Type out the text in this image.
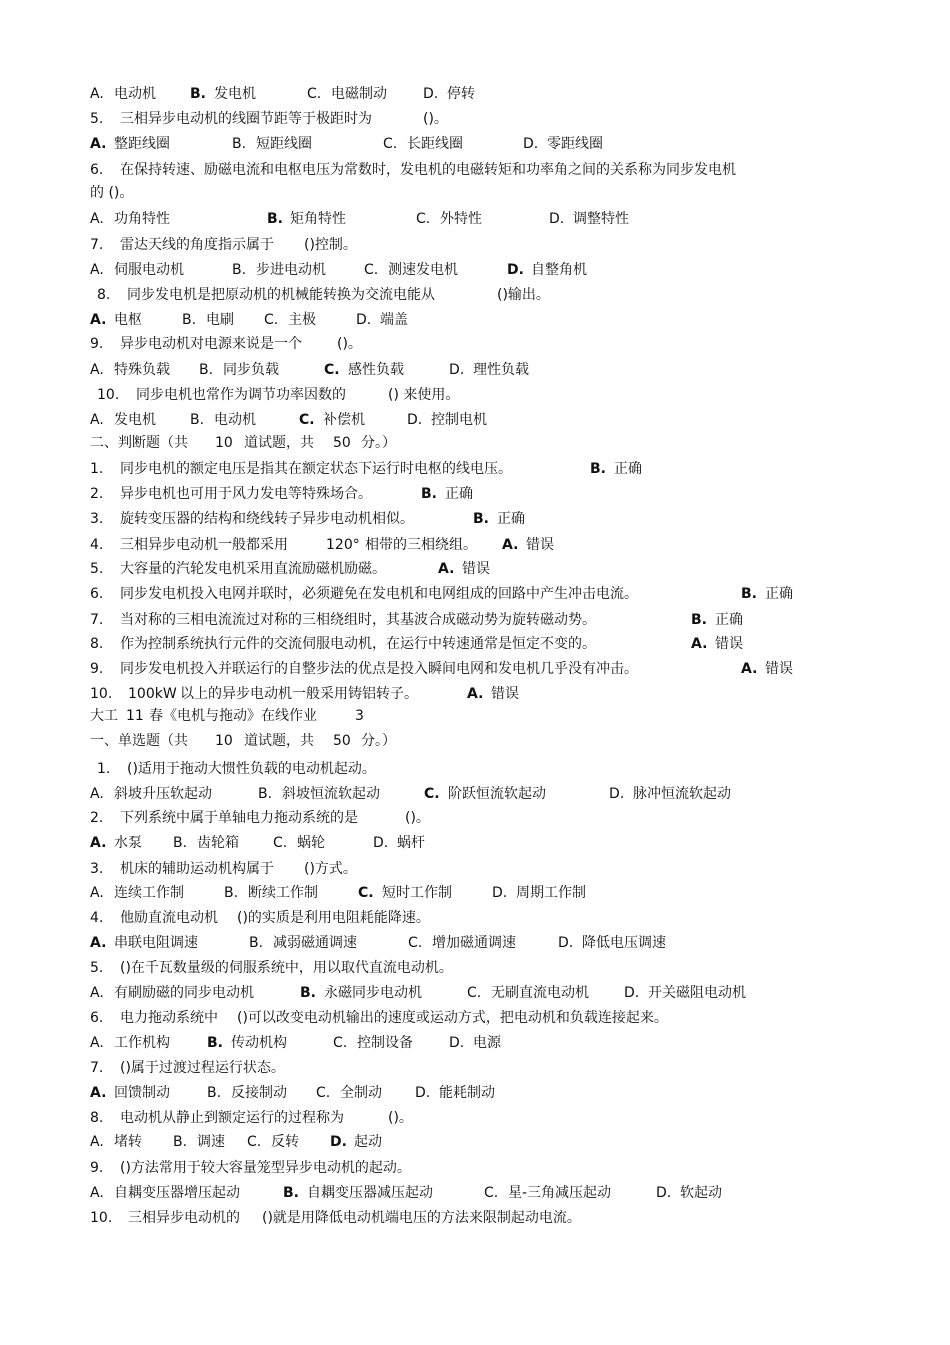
A. 电动机 B. 发电机	C. 电磁制动	D. 停转
5. 三相异步电动机的线圈节距等于极距时为	()。
A. 整距线圈	B. 短距线圈	C. 长距线圈	D. 零距线圈
6. 在保持转速、励磁电流和电枢电压为常数时，发电机的电磁转矩和功率角之间的关系称为同步发电机
的 ()。
A. 功角特性	B. 矩角特性	C. 外特性	D. 调整特性
7. 雷达天线的角度指示属于 ()控制。
A. 伺服电动机	B. 步进电动机	C. 测速发电机	D. 自整角机
8. 同步发电机是把原动机的机械能转换为交流电能从	()输出。
A. 电枢	B. 电刷 C. 主极	D. 端盖
9. 异步电动机对电源来说是一个	()。
A. 特殊负载 B. 同步负载	C. 感性负载	D. 理性负载
10. 同步电机也常作为调节功率因数的	() 来使用。
A. 发电机 B. 电动机	C. 补偿机	D. 控制电机
二、判断题（共 10 道试题，共 50 分。）
1. 同步电机的额定电压是指其在额定状态下运行时电枢的线电压。	B. 正确
2. 异步电机也可用于风力发电等特殊场合。	B. 正确
3. 旋转变压器的结构和绕线转子异步电动机相似。	B. 正确
4. 三相异步电动机一般都采用	120° 相带的三相绕组。 A. 错误
5. 大容量的汽轮发电机采用直流励磁机励磁。	A. 错误
6. 同步发电机投入电网并联时，必须避免在发电机和电网组成的回路中产生冲击电流。	B. 正确
7. 当对称的三相电流流过对称的三相绕组时，其基波合成磁动势为旋转磁动势。	B. 正确
8. 作为控制系统执行元件的交流伺服电动机，在运行中转速通常是恒定不变的。	A. 错误
9. 同步发电机投入并联运行的自整步法的优点是投入瞬间电网和发电机几乎没有冲击。	A. 错误
10. 100kW 以上的异步电动机一般采用铸铝转子。	A. 错误
大工 11 春《电机与拖动》在线作业	3
一、单选题（共 10 道试题，共 50 分。）
1. ()适用于拖动大惯性负载的电动机起动。
A. 斜坡升压软起动	B. 斜坡恒流软起动	C. 阶跃恒流软起动	D. 脉冲恒流软起动
2. 下列系统中属于单轴电力拖动系统的是	()。
A. 水泵 B. 齿轮箱 C. 蜗轮	D. 蜗杆
3. 机床的辅助运动机构属于 ()方式。
A. 连续工作制	B. 断续工作制	C. 短时工作制	D. 周期工作制
4. 他励直流电动机 ()的实质是利用电阻耗能降速。
A. 串联电阻调速	B. 减弱磁通调速	C. 增加磁通调速	D. 降低电压调速
5. ()在千瓦数量级的伺服系统中，用以取代直流电动机。
A. 有刷励磁的同步电动机	B. 永磁同步电动机	C. 无刷直流电动机	D. 开关磁阻电动机
6. 电力拖动系统中 ()可以改变电动机输出的速度或运动方式，把电动机和负载连接起来。
A. 工作机构	B. 传动机构	C. 控制设备	D. 电源
7. ()属于过渡过程运行状态。
A. 回馈制动	B. 反接制动 C. 全制动 D. 能耗制动
8. 电动机从静止到额定运行的过程称为	()。
A. 堵转 B. 调速 C. 反转 D. 起动
9. ()方法常用于较大容量笼型异步电动机的起动。
A. 自耦变压器增压起动	B. 自耦变压器减压起动	C. 星-三角减压起动	D. 软起动
10. 三相异步电动机的 ()就是用降低电动机端电压的方法来限制起动电流。
